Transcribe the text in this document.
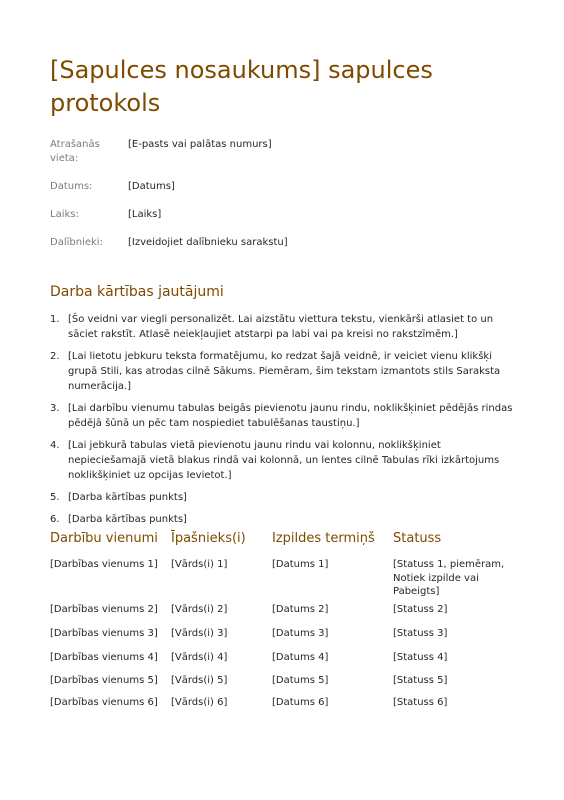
[Sapulces nosaukums] sapulces protokols
Atrašanās vieta:
[E-pasts vai palātas numurs]
Datums:	[Datums]
Laiks:	[Laiks]
Dalībnieki:	[Izveidojiet dalībnieku sarakstu]
Darba kārtības jautājumi
1. [Šo veidni var viegli personalizēt. Lai aizstātu viettura tekstu, vienkārši atlasiet to un sāciet rakstīt. Atlasē neiekļaujiet atstarpi pa labi vai pa kreisi no rakstzīmēm.]
2. [Lai lietotu jebkuru teksta formatējumu, ko redzat šajā veidnē, ir veiciet vienu klikšķi grupā Stili, kas atrodas cilnē Sākums. Piemēram, šim tekstam izmantots stils Saraksta numerācija.]
3. [Lai darbību vienumu tabulas beigās pievienotu jaunu rindu, noklikšķiniet pēdējās rindas pēdējā šūnā un pēc tam nospiediet tabulēšanas taustiņu.]
4. [Lai jebkurā tabulas vietā pievienotu jaunu rindu vai kolonnu, noklikšķiniet nepieciešamajā vietā blakus rindā vai kolonnā, un lentes cilnē Tabulas rīki izkārtojums noklikšķiniet uz opcijas Ievietot.]
5. [Darba kārtības punkts]
6. [Darba kārtības punkts]
Darbību vienumi	Īpašnieks(i)	Izpildes termiņš	Statuss
[Darbības vienums 1]	[Vārds(i) 1]	[Datums 1]	[Statuss 1, piemēram, Notiek izpilde vai Pabeigts]
[Darbības vienums 2]	[Vārds(i) 2]	[Datums 2]	[Statuss 2]
[Darbības vienums 3]	[Vārds(i) 3]	[Datums 3]	[Statuss 3]
[Darbības vienums 4]	[Vārds(i) 4]	[Datums 4]	[Statuss 4]
[Darbības vienums 5]	[Vārds(i) 5]	[Datums 5]	[Statuss 5]
[Darbības vienums 6]	[Vārds(i) 6]	[Datums 6]	[Statuss 6]
